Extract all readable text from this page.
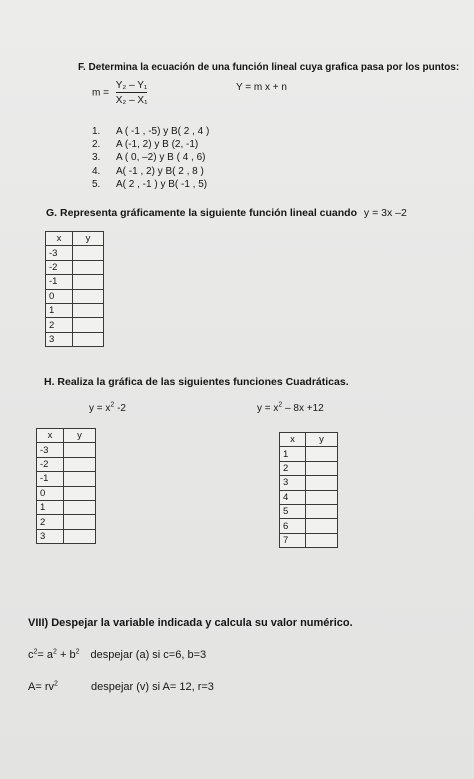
F. Determina la ecuación de una función lineal cuya grafica pasa por los puntos:
$m = \frac{\text{Y₂ – Y₁}}{\text{X₂ – X₁}}$	Y = m x + n
1.	A ( -1 , -5) y B( 2 , 4 )
2.	A (-1, 2) y B (2, -1)
3.	A ( 0, –2) y B ( 4 , 6)
4.	A( -1 , 2) y B( 2 , 8 )
5.	A( 2 , -1 ) y B( -1 , 5)
G. Representa gráficamente la siguiente función lineal cuando y = 3x –2
x	y
-3	
-2	
-1	
0	
1	
2	
3	
H. Realiza la gráfica de las siguientes funciones Cuadráticas.
$y = x^2$ -2	$y = x^2 - 8x +12$
x	y
-3	
-2	
-1	
0	
1	
2	
3	
x	y
1	
2	
3	
4	
5	
6	
7	
VIII) Despejar la variable indicada y calcula su valor numérico.
$c^2= a^2 + b^2$ despejar (a) si c=6, b=3
$A= rv^2$	despejar (v) si A= 12, r=3
